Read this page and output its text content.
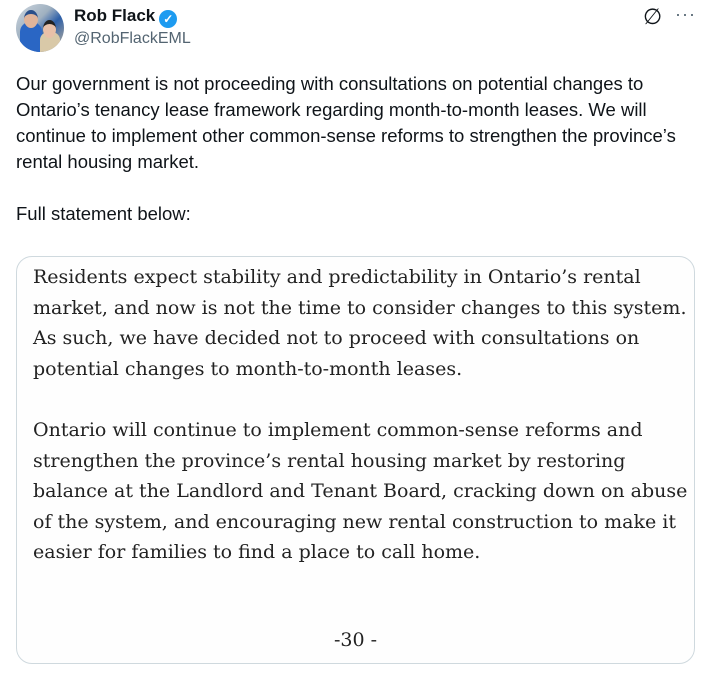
Rob Flack ✓
@RobFlackEML
∅ ···
Our government is not proceeding with consultations on potential changes to Ontario’s tenancy lease framework regarding month-to-month leases. We will continue to implement other common-sense reforms to strengthen the province’s rental housing market.

Full statement below:

Residents expect stability and predictability in Ontario’s rental market, and now is not the time to consider changes to this system. As such, we have decided not to proceed with consultations on potential changes to month-to-month leases.

Ontario will continue to implement common-sense reforms and strengthen the province’s rental housing market by restoring balance at the Landlord and Tenant Board, cracking down on abuse of the system, and encouraging new rental construction to make it easier for families to find a place to call home.

-30 -
